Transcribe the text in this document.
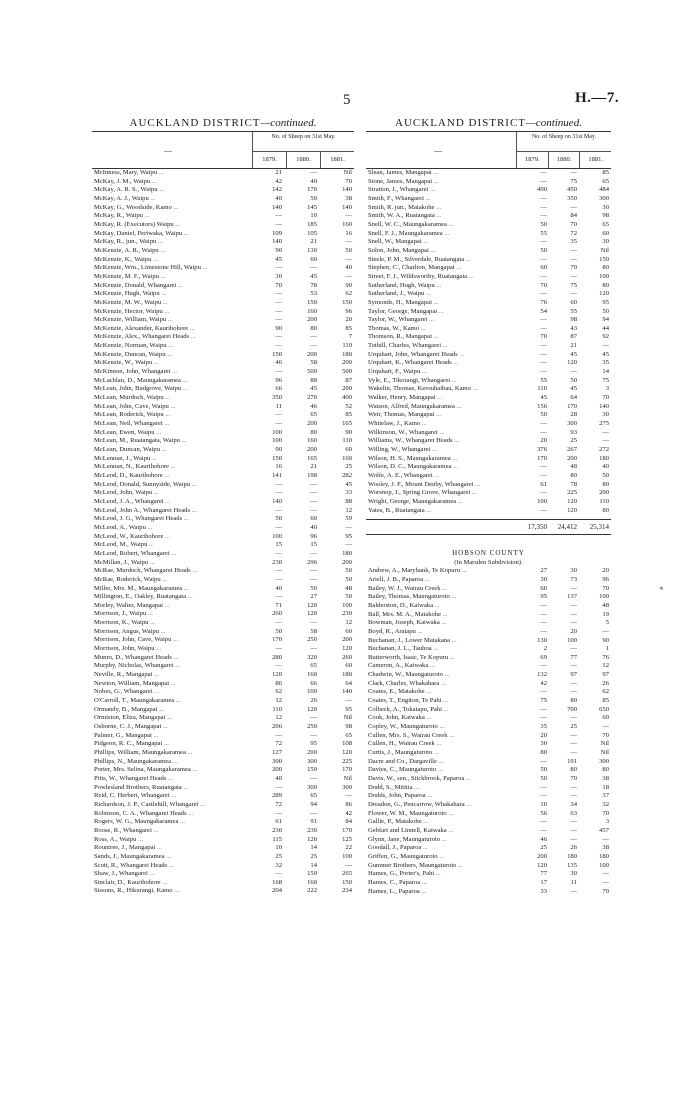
5	H.—7.
AUCKLAND DISTRICT—continued.
—
No. of Sheep on 31st May.
1879.	1880.	1881.
McInness, Mary, Waipu ...	21	—	Nil
McKay, J. M., Waipu ...	42	40	70
McKay, A. R. S., Waipu ...	142	170	140
McKay, A. J., Waipu ...	40	50	38
McKay, G., Woodside, Kamo ...	140	145	140
McKay, R., Waipu ...	—	10	—
McKay, R. (Executors) Waipu ...	—	185	160
McKay, Daniel, Periwaka, Waipu ...	109	105	16
McKay, R., jun., Waipu ...	140	21	—
McKenzie, A. R., Waipu ...	90	130	50
McKenzie, K., Waipu ...	45	60	—
McKenzie, Wm., Limestone Hill, Waipu ...	—	—	40
McKenzie, M. F., Waipu ...	30	45	—
McKenzie, Donald, Whangarei ...	70	78	90
McKenzie, Hugh, Waipu ...	—	53	62
McKenzie, M. W., Waipu ...	—	150	150
McKenzie, Hector, Waipu ...	—	160	96
McKenzie, William, Waipu ...	—	200	20
McKenzie, Alexander, Kaurihohore ...	90	80	85
McKenzie, Alex., Whangarei Heads ...	—	—	7
McKenzie, Norman, Waipu ...	—	—	110
McKenzie, Duncan, Waipu ...	150	200	180
McKenzie, W., Waipu ...	46	58	200
McKinnon, John, Whangarei ...	—	500	500
McLachlan, D., Maungakaramea ...	96	88	87
McLean, John, Budgrove, Waipu ...	66	45	200
McLean, Murdoch, Waipu ...	350	270	400
McLean, John, Cave, Waipu ...	11	46	52
McLean, Roderick, Waipu ...	—	65	85
McLean, Neil, Whangarei ...	—	200	165
McLean, Ewen, Waipu ...	100	80	90
McLean, M., Ruatangata, Waipu ...	100	160	110
McLean, Duncan, Waipu ...	90	200	60
McLennan, J., Waipu ...	150	165	160
McLennan, N., Kaurihohore ...	16	21	25
McLeod, D., Kaurihohore ...	141	198	282
McLeod, Donald, Sunnyside, Waipu ...	—	—	45
McLeod, John, Waipu ...	—	—	33
McLeod, J. A., Whangarei ...	140	—	88
McLeod, John A., Whangarei Heads ...	—	—	12
McLeod, J. G., Whangarei Heads ...	50	60	59
McLeod, A., Waipu ...	—	40	—
McLeod, W., Kaurihohore ...	100	96	95
McLeod, M., Waipu ...	15	15	—
McLeod, Robert, Whangarei ...	—	—	180
McMillan, J., Waipu ...	230	296	200
McRae, Murdoch, Whangarei Heads ...	—	—	50
McRae, Roderick, Waipu ...	—	—	50
Miller, Mrs. M., Maungakaramea ...	40	50	48
Millington, E., Oakley, Ruatangata ...	—	27	50
Morley, Walter, Mangapai ...	71	120	100
Morrison, J., Waipu ...	260	120	230
Morrison, K., Waipu ...	—	—	12
Morrison, Angus, Waipu ...	50	58	60
Morrison, John, Cave, Waipu ...	170	250	200
Morrison, John, Waipu ...	—	—	120
Munro, D., Whangarei Heads ...	280	320	260
Murphy, Nicholas, Whangarei ...	—	65	60
Neville, R., Mangapai ...	120	160	180
Newton, William, Mangapai ...	86	66	64
Nobes, G., Whangarei ...	62	100	140
O'Carroll, T., Maungakaramea ...	12	26	—
Ormandy, B., Mangapai ...	110	120	95
Ormiston, Eliza, Mangapai ...	12	—	Nil
Osborne, C. J., Mangapai ...	206	250	98
Palmer, G., Mangapai ...	—	—	65
Pidgeon, R. C., Mangapai ...	72	95	108
Phillips, William, Maungakaramea ...	127	200	120
Phillips, N., Maungakaramea ...	300	300	225
Porter, Mrs. Selina, Maungakaramea ...	200	150	170
Pitts, W., Whangarei Heads ...	40	—	Nil
Powlesland Brothers, Ruatangata ...	—	300	300
Reid, C. Herbert, Whangarei ...	289	65	—
Richardson, J. P., Castlehill, Whangarei ...	72	94	86
Robinson, C. A., Whangarei Heads ...	—	—	42
Rogers, W. G., Maungakaramea ...	61	91	84
Roose, R., Whangarei ...	230	230	170
Ross, A., Waipu ...	115	120	125
Rountree, J., Mangapai ...	10	14	22
Sands, J., Maungakaramea ...	25	25	100
Scott, R., Whangarei Heads ...	32	14	—
Shaw, J., Whangarei ...	—	150	265
Sinclair, D., Kaurihohore ...	168	160	150
Sissons, R., Hikurangi, Kamo ...	204	222	234
AUCKLAND DISTRICT—continued.
—
No. of Sheep on 31st May.
1879.	1880.	1881.
Slean, James, Mangapai ...	—	—	85
Stone, James, Mangapai ...	—	75	65
Stratton, J., Whangarei ...	490	450	484
Smith, F., Whangarei ...	—	350	300
Smith, R. jun., Matakohe ...	—	—	30
Smith, W. A., Ruatangata ...	—	84	98
Snell, W. C., Maungakaramea ...	50	70	65
Snell, F. J., Maungakaramea ...	55	72	60
Snell, W., Mangapai ...	—	35	30
Solon, John, Mangapai ...	50	—	Nil
Steele, P. M., Silverdale, Ruatangata ...	—	—	150
Stephen, C., Charlton, Mangapai ...	60	70	80
Street, F. J., Wildsworthy, Ruatangata ...	—	—	100
Sutherland, Hugh, Waipu ...	70	75	80
Sutherland, J., Waipu ...	—	—	120
Symonds, H., Mangapai ...	76	60	95
Taylor, George, Mangapai ...	54	55	50
Taylor, W., Whangarei ...	—	98	94
Thomas, W., Kamo ...	—	43	44
Thomson, R., Mangapai ...	70	87	92
Tothill, Charles, Whangarei ...	—	21	—
Urquhart, John, Whangarei Heads ...	—	45	45
Urquhart, K., Whangarei Heads ...	—	120	35
Urquhart, F., Waipu ...	—	—	14
Vyle, E., Tikorangi, Whangarei ...	55	50	75
Wakelin, Thomas, Kerouhaihau, Kamo ...	110	45	3
Walker, Henry, Mangapai ...	45	64	70
Watson, Alfred, Maungakaramea ...	156	170	140
Weir, Thomas, Mangapai ...	50	28	30
Whitelaw, J., Kamo ...	—	300	275
Wilkinson, W., Whangarei ...	—	93	—
Williams, W., Whangarei Heads ...	20	25	—
Willing, W., Whangarei ...	376	267	272
Wilson, H. S., Maungakaramea ...	170	200	180
Wilson, D. C., Maungakaramea ...	—	48	40
Wolfe, A. E., Whangarei ...	—	80	50
Wooley, J. F., Mount Denby, Whangarei ...	61	78	80
Worsnop, J., Spring Grove, Whangarei ...	—	225	200
Wright, George, Maungakaramea ...	100	120	110
Yates, B., Ruatangata ...	—	120	80
17,350	24,412	25,314
HOBSON COUNTY
(In Marsden Subdivision).
Andrew, A., Marybank, Te Kopuru ...	27	30	20
Ariell, J. B., Paparoa ...	30	73	96
Bailey, W. J., Wairau Creek ...	60	—	70
Bailey, Thomas, Maungaturoto ...	95	137	100
Balderston, D., Kaiwaka ...	—	—	48
Ball, Mrs. M. A., Matakohe ...	—	—	19
Bowman, Joseph, Kaiwaka ...	—	—	5
Boyd, R., Aratapu ...	—	20	—
Buchanan, J., Lower Matakana ...	130	100	90
Buchanan, J. L., Tauhoa ...	2	—	1
Butterworth, Isaac, Te Kopuru ...	69	77	76
Cameron, A., Kaiwaka ...	—	—	12
Chadwin, W., Maungaturoto ...	132	97	97
Clark, Charles, Whakahara ...	42	—	26
Coates, E., Matakohe ...	—	—	62
Coates, T., Engiton, Te Pahi ...	75	80	85
Colbeck, A., Tokatapu, Pahi ...	—	700	650
Cook, John, Kaiwaka ...	—	—	60
Copley, W., Maungaturoto ...	35	25	—
Cullen, Mrs. S., Wairau Creek ...	20	—	70
Cullen, H., Wairau Creek ...	30	—	Nil
Curtis, J., Maungaturoto ...	80	—	Nil
Dacre and Co., Dargaville ...	—	191	300
Davies, C., Maungaturoto ...	50	80	80
Davis, W., sen., Stickbrook, Paparoa ...	50	70	38
Dodd, S., Mititia ...	—	—	18
Dodds, John, Paparoa ...	—	—	37
Dreadon, G., Pencarrow, Whakahara ...	10	34	32
Flower, W. M., Maungaturoto ...	56	63	70
Gallie, P., Matakohe ...	—	—	3
Gebfart and Linnell, Kaiwaka ...	—	—	457
Glynn, Jane, Maungaturoto ...	46	—	—
Goodall, J., Paparoa ...	25	26	38
Griffen, G., Maungaturoto ...	200	180	180
Gummer Brothers, Maungaturoto ...	120	135	100
Hames, G., Porter's, Pahi ...	77	30	—
Hames, C., Paparoa ...	17	11	—
Hames, L., Paparoa ...	33	—	70
*
